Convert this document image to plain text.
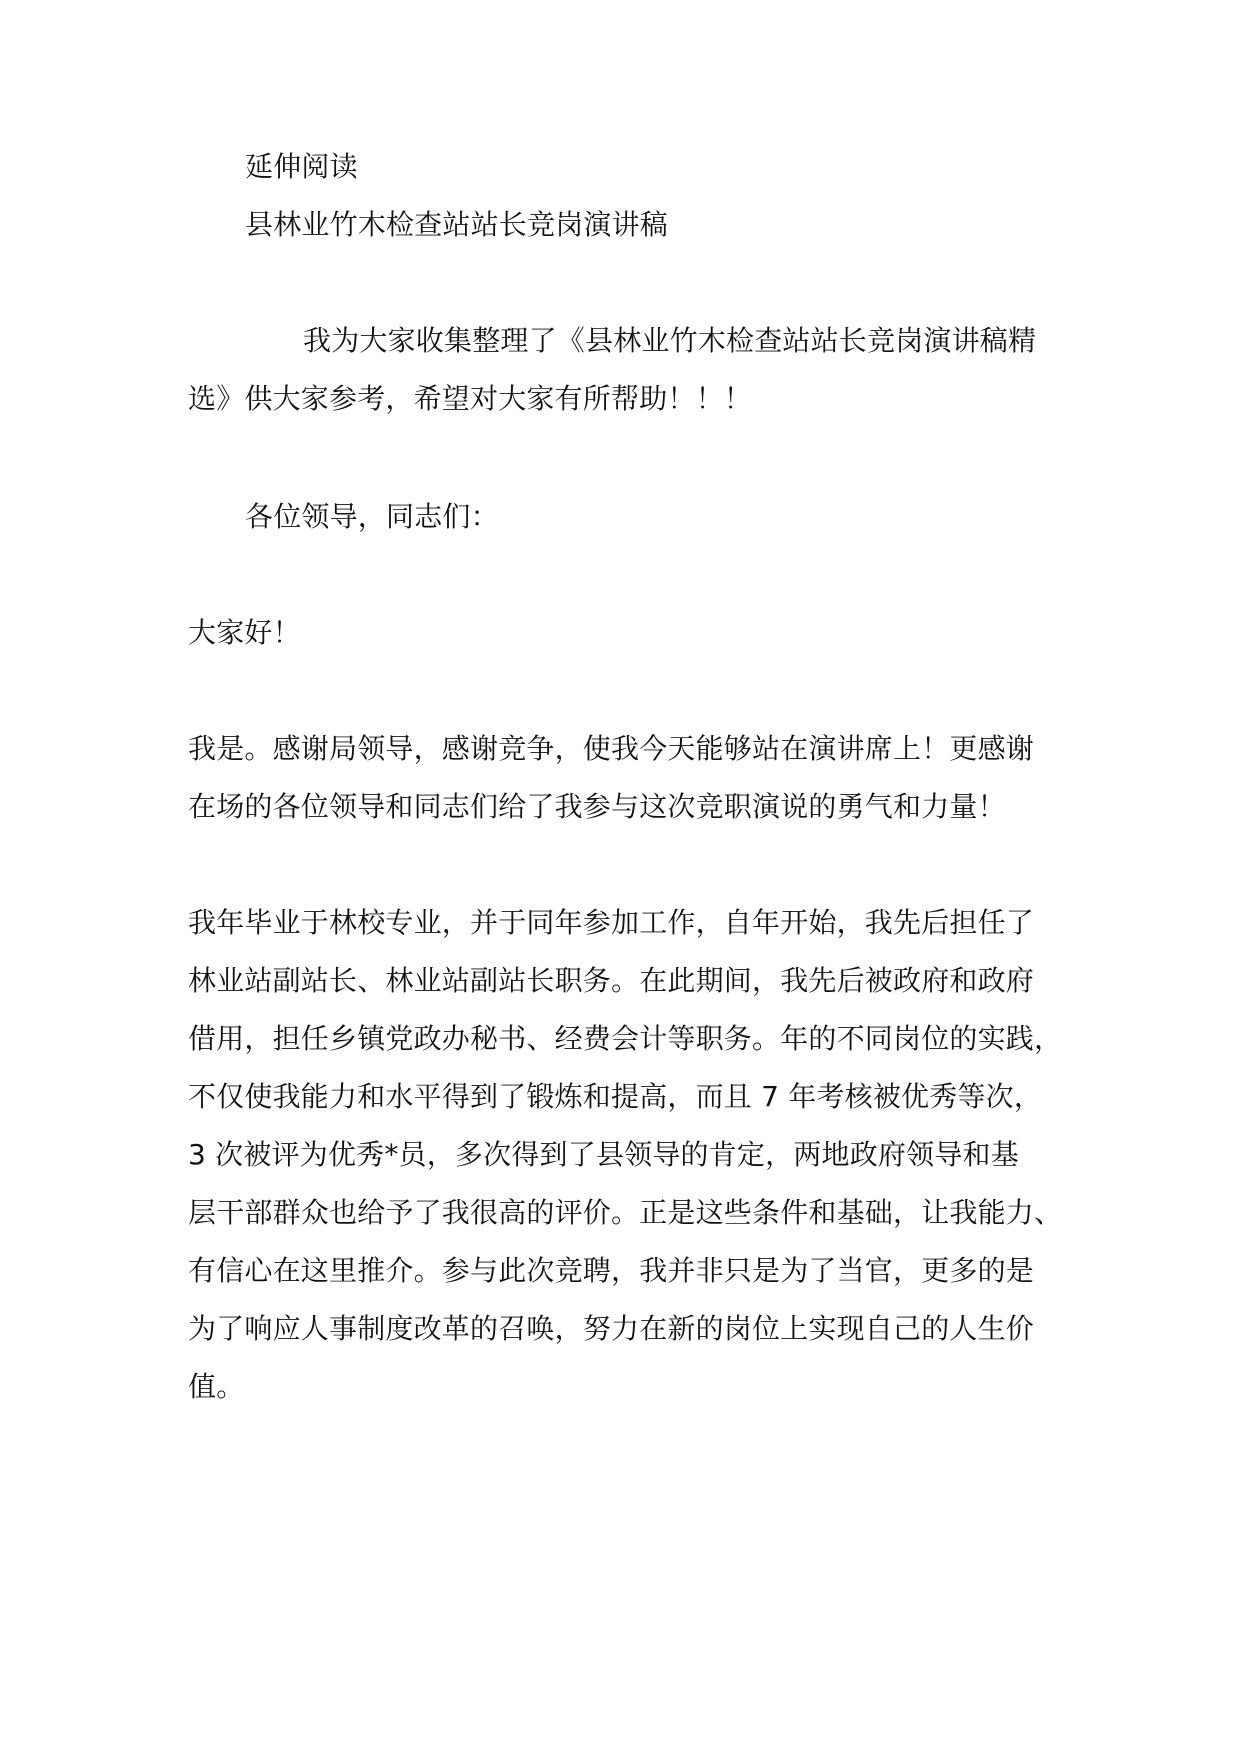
延伸阅读
县林业竹木检查站站长竞岗演讲稿
我为大家收集整理了《县林业竹木检查站站长竞岗演讲稿精
选》供大家参考，希望对大家有所帮助！！！
各位领导，同志们：
大家好！
我是。感谢局领导，感谢竞争，使我今天能够站在演讲席上！更感谢
在场的各位领导和同志们给了我参与这次竞职演说的勇气和力量！
我年毕业于林校专业，并于同年参加工作，自年开始，我先后担任了
林业站副站长、林业站副站长职务。在此期间，我先后被政府和政府
借用，担任乡镇党政办秘书、经费会计等职务。年的不同岗位的实践，
不仅使我能力和水平得到了锻炼和提高，而且 7 年考核被优秀等次，
3 次被评为优秀*员，多次得到了县领导的肯定，两地政府领导和基
层干部群众也给予了我很高的评价。正是这些条件和基础，让我能力、
有信心在这里推介。参与此次竞聘，我并非只是为了当官，更多的是
为了响应人事制度改革的召唤，努力在新的岗位上实现自己的人生价
值。
